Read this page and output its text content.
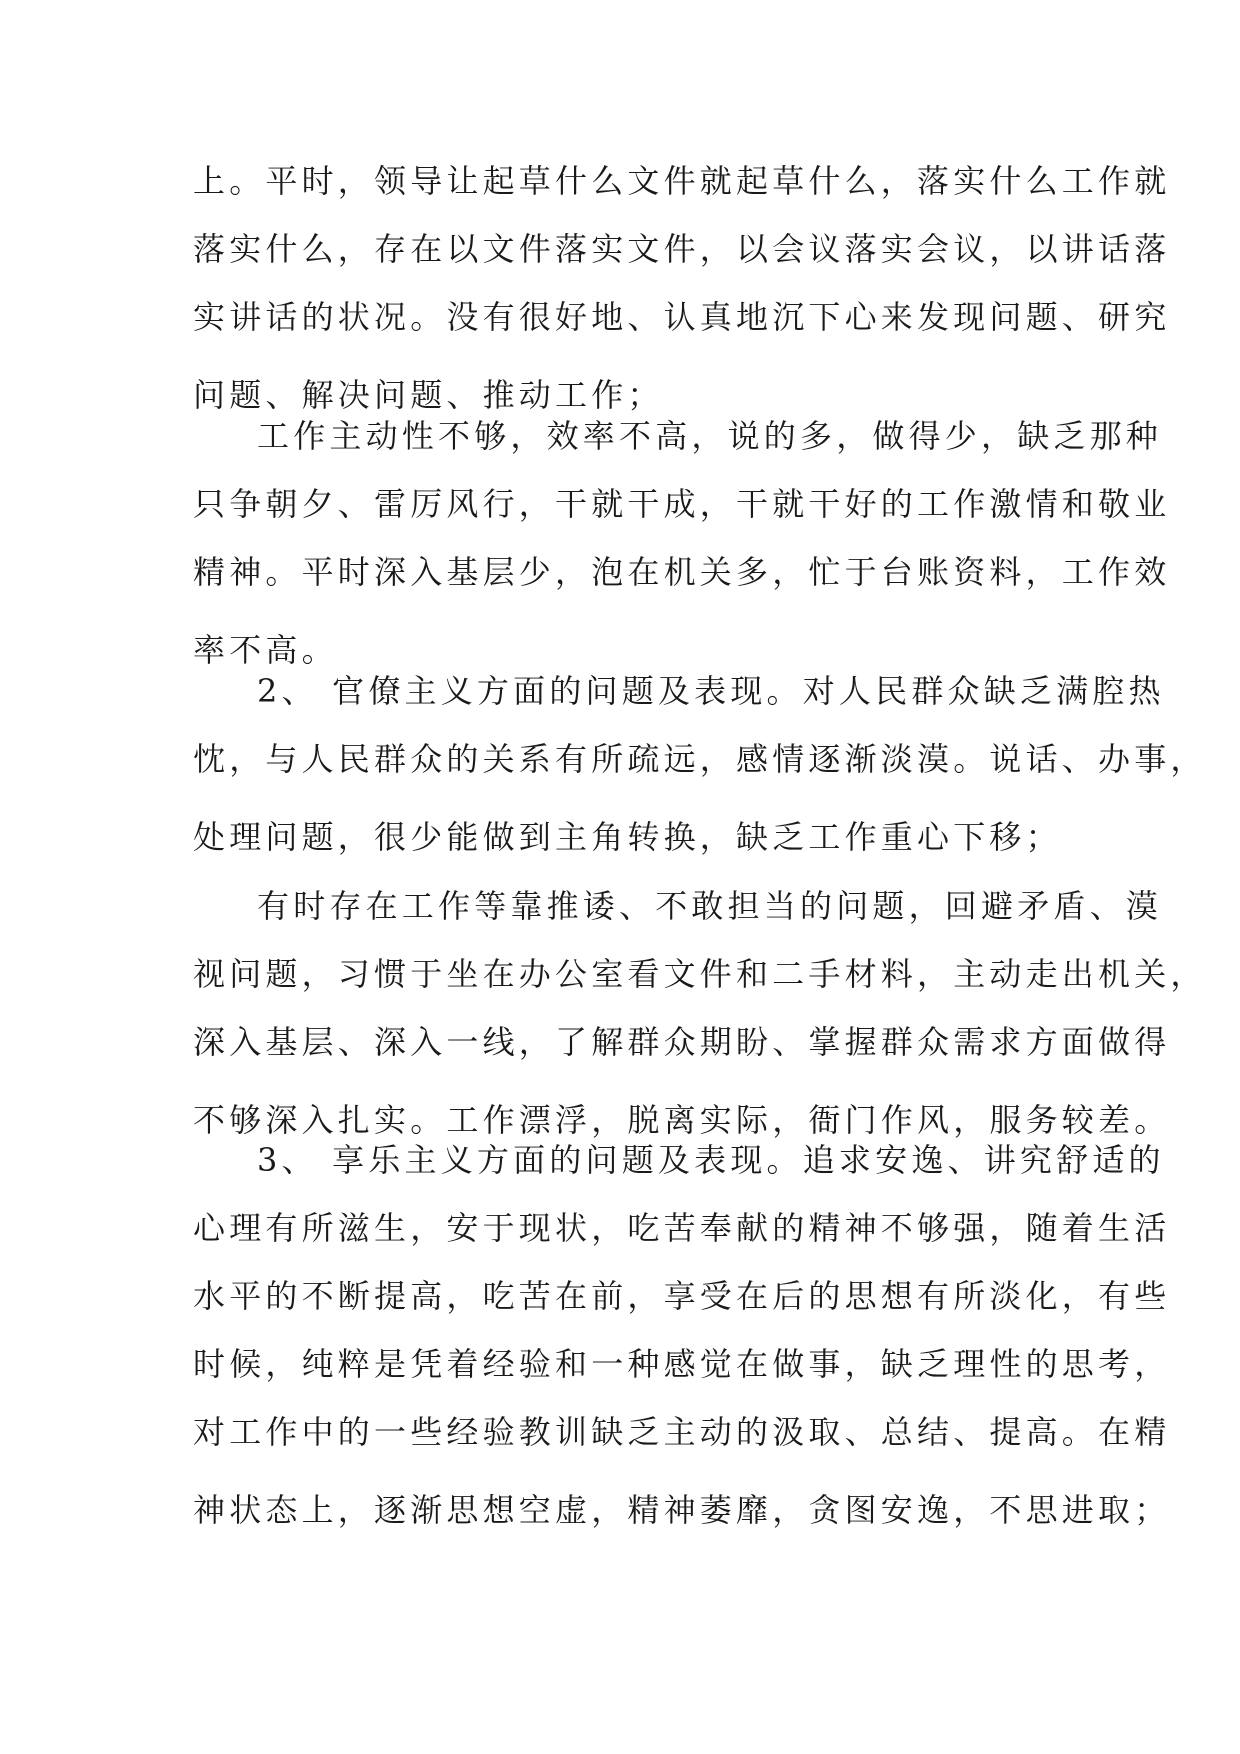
上。平时，领导让起草什么文件就起草什么，落实什么工作就
落实什么，存在以文件落实文件，以会议落实会议，以讲话落
实讲话的状况。没有很好地、认真地沉下心来发现问题、研究
问题、解决问题、推动工作；
工作主动性不够，效率不高，说的多，做得少，缺乏那种
只争朝夕、雷厉风行，干就干成，干就干好的工作激情和敬业
精神。平时深入基层少，泡在机关多，忙于台账资料，工作效
率不高。
2、 官僚主义方面的问题及表现。对人民群众缺乏满腔热
忱，与人民群众的关系有所疏远，感情逐渐淡漠。说话、办事，
处理问题，很少能做到主角转换，缺乏工作重心下移；
有时存在工作等靠推诿、不敢担当的问题，回避矛盾、漠
视问题，习惯于坐在办公室看文件和二手材料，主动走出机关，
深入基层、深入一线，了解群众期盼、掌握群众需求方面做得
不够深入扎实。工作漂浮，脱离实际，衙门作风，服务较差。
3、 享乐主义方面的问题及表现。追求安逸、讲究舒适的
心理有所滋生，安于现状，吃苦奉献的精神不够强，随着生活
水平的不断提高，吃苦在前，享受在后的思想有所淡化，有些
时候，纯粹是凭着经验和一种感觉在做事，缺乏理性的思考，
对工作中的一些经验教训缺乏主动的汲取、总结、提高。在精
神状态上，逐渐思想空虚，精神萎靡，贪图安逸，不思进取；
